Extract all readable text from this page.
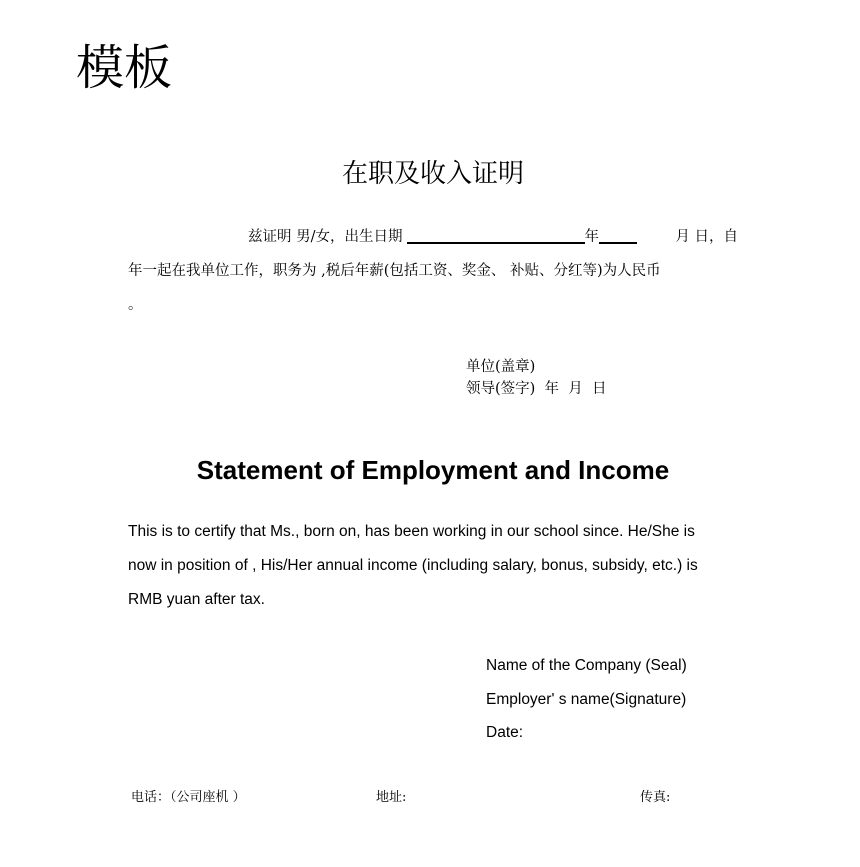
模板
在职及收入证明
兹证明 男/女，出生日期	年	月 日，自
年一起在我单位工作，职务为 ,税后年薪(包括工资、奖金、 补贴、分红等)为人民币
。
单位(盖章)
领导(签字)  年  月  日
Statement of Employment and Income
This is to certify that Ms., born on, has been working in our school since. He/She is
now in position of , His/Her annual income (including salary, bonus, subsidy, etc.) is
RMB yuan after tax.
Name of the Company (Seal)
Employer' s name(Signature)
Date:
电话：（公司座机 ）	地址:	传真:
